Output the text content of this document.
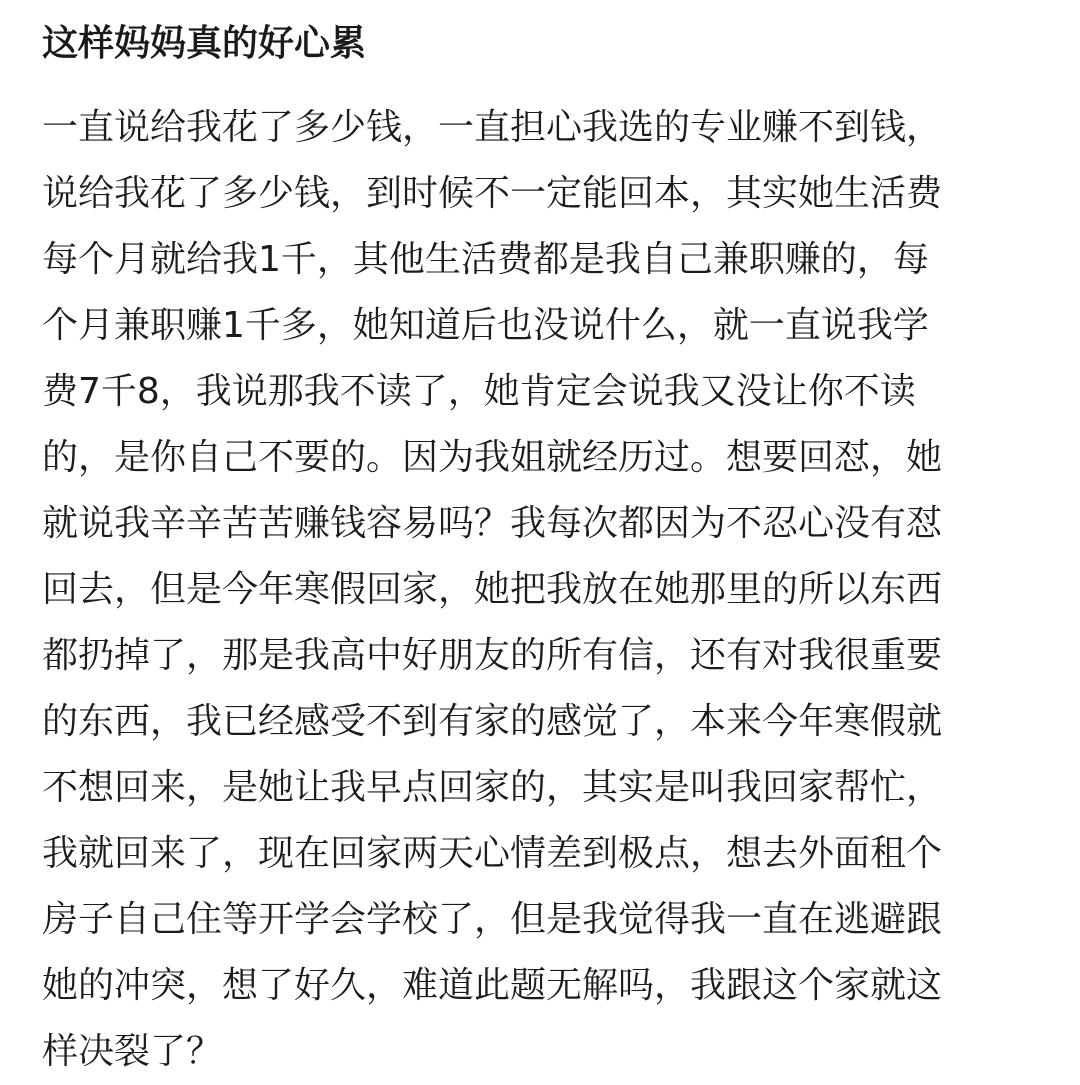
这样妈妈真的好心累
一直说给我花了多少钱，一直担心我选的专业赚不到钱，
说给我花了多少钱，到时候不一定能回本，其实她生活费
每个月就给我1千，其他生活费都是我自己兼职赚的，每
个月兼职赚1千多，她知道后也没说什么，就一直说我学
费7千8，我说那我不读了，她肯定会说我又没让你不读
的，是你自己不要的。因为我姐就经历过。想要回怼，她
就说我辛辛苦苦赚钱容易吗？我每次都因为不忍心没有怼
回去，但是今年寒假回家，她把我放在她那里的所以东西
都扔掉了，那是我高中好朋友的所有信，还有对我很重要
的东西，我已经感受不到有家的感觉了，本来今年寒假就
不想回来，是她让我早点回家的，其实是叫我回家帮忙，
我就回来了，现在回家两天心情差到极点，想去外面租个
房子自己住等开学会学校了，但是我觉得我一直在逃避跟
她的冲突，想了好久，难道此题无解吗，我跟这个家就这
样决裂了？
